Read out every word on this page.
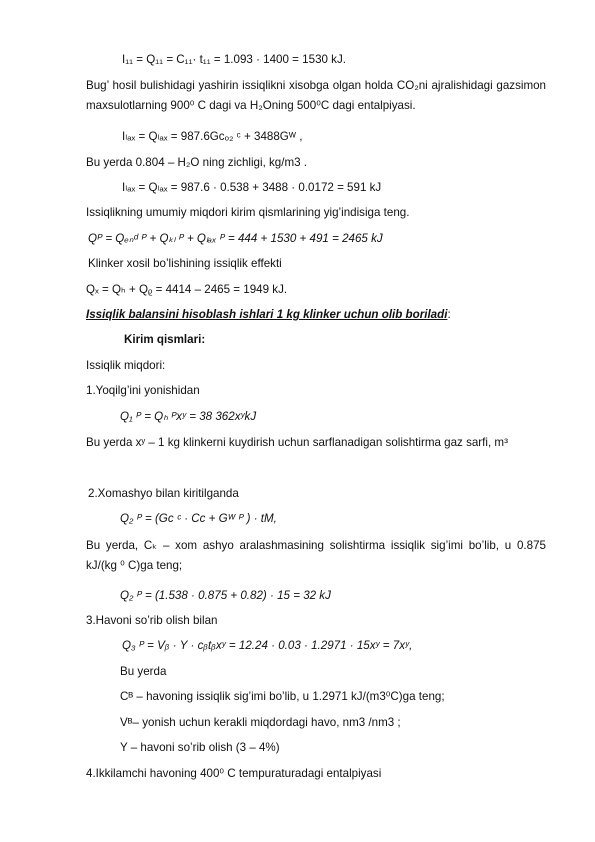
I₁₁ = Q₁₁ = C₁₁· t₁₁ = 1.093 · 1400 = 1530 kJ.
Bug’ hosil bulishidagi yashirin issiqlikni xisobga olgan holda CO₂ni ajralishidagi gazsimon maxsulotlarning 900⁰ C dagi va H₂Oning 500⁰C dagi entalpiyasi.
Iₗₐₓ = Qₗₐₓ = 987.6Gᴄₒ₂ ᶜ + 3488Gᵂ ,
Bu yerda 0.804 – H₂O ning zichligi, kg/m3 .
Iₗₐₓ = Qₗₐₓ = 987.6 · 0.538 + 3488 · 0.0172 = 591 kJ
Issiqlikning umumiy miqdori kirim qismlarining yig’indisiga teng.
Qᴾ = Qₑₙᵈ ᴾ + Qₖₗ ᴾ + Qₗₐₓ ᴾ = 444 + 1530 + 491 = 2465 kJ
Klinker xosil bo’lishining issiqlik effekti
Qₓ = Qₕ + Qᵨ = 4414 – 2465 = 1949 kJ.
Issiqlik balansini hisoblash ishlari 1 kg klinker uchun olib boriladi:
Kirim qismlari:
Issiqlik miqdori:
1.Yoqilg’ini yonishidan
Q₁ ᴾ = Qₕ ᴾxʸ = 38 362xʸkJ
Bu yerda xʸ – 1 kg klinkerni kuydirish uchun sarflanadigan solishtirma gaz sarfi, m³
2.Xomashyo bilan kiritilganda
Q₂ ᴾ = (Gᴄ ᶜ · Cᴄ + Gᵂ ᴾ ) · tM,
Bu yerda, Cₖ – xom ashyo aralashmasining solishtirma issiqlik sig’imi bo’lib, u 0.875 kJ/(kg ⁰ C)ga teng;
Q₂ ᴾ = (1.538 · 0.875 + 0.82) · 15 = 32 kJ
3.Havoni so’rib olish bilan
Q₃ ᴾ = Vᵦ · Y · cᵦtᵦxʸ = 12.24 · 0.03 · 1.2971 · 15xʸ = 7xʸ,
Bu yerda
Cᴮ – havoning issiqlik sig’imi bo’lib, u 1.2971 kJ/(m3⁰C)ga teng;
Vᴮ– yonish uchun kerakli miqdordagi havo, nm3 /nm3 ;
Y – havoni so’rib olish (3 – 4%)
4.Ikkilamchi havoning 400⁰ C tempuraturadagi entalpiyasi
